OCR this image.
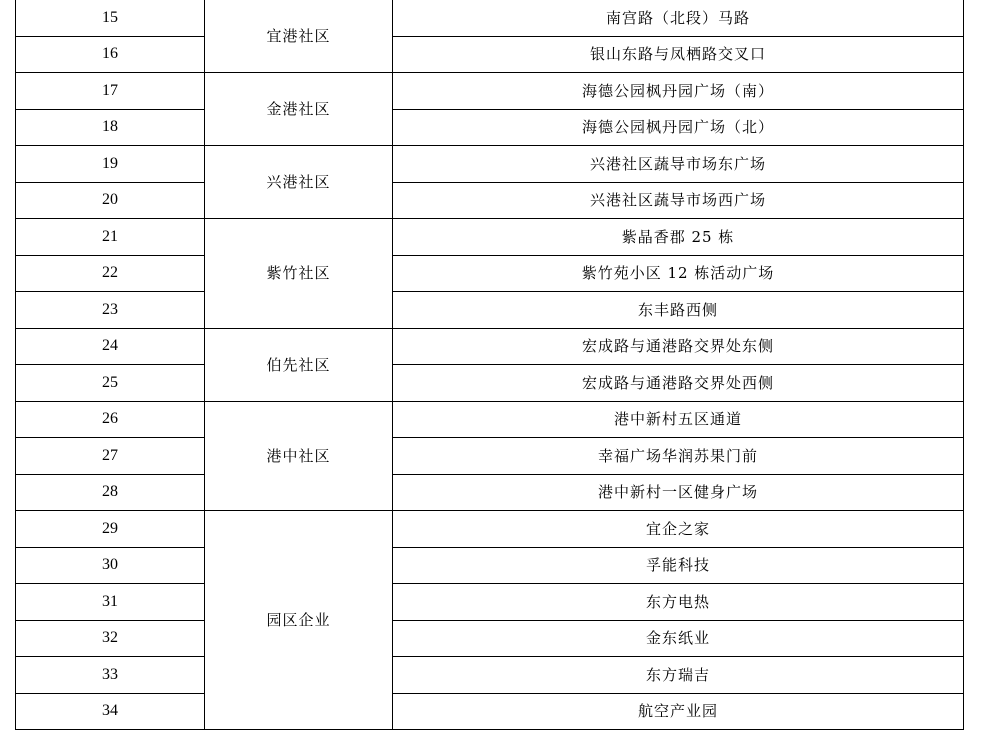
15	宜港社区	南宫路（北段）马路
16		银山东路与凤栖路交叉口
17	金港社区	海德公园枫丹园广场（南）
18		海德公园枫丹园广场（北）
19	兴港社区	兴港社区蔬导市场东广场
20		兴港社区蔬导市场西广场
21	紫竹社区	紫晶香郡 25 栋
22		紫竹苑小区 12 栋活动广场
23		东丰路西侧
24	伯先社区	宏成路与通港路交界处东侧
25		宏成路与通港路交界处西侧
26	港中社区	港中新村五区通道
27		幸福广场华润苏果门前
28		港中新村一区健身广场
29	园区企业	宜企之家
30		孚能科技
31		东方电热
32		金东纸业
33		东方瑞吉
34		航空产业园
